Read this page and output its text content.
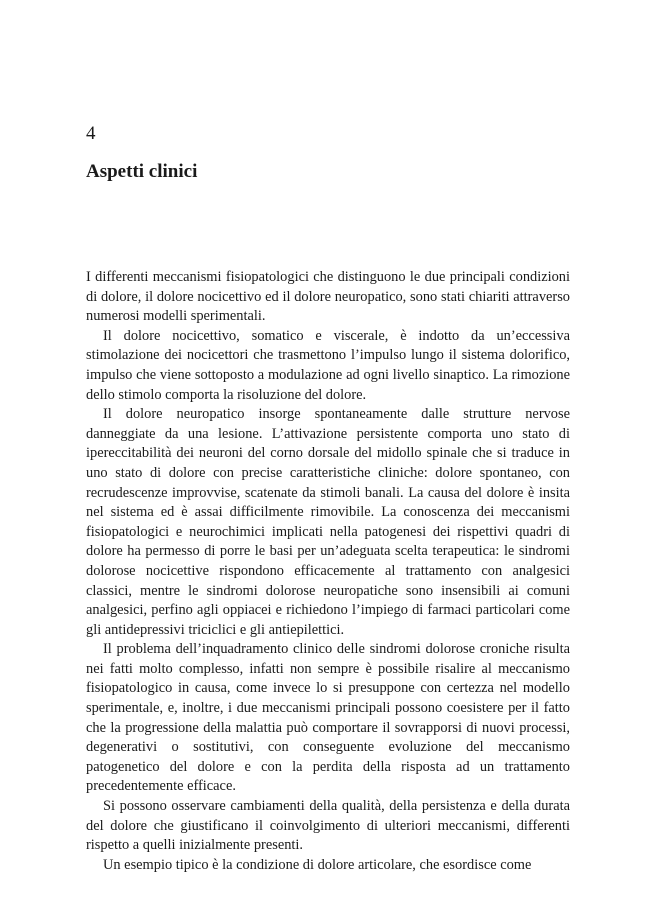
4
Aspetti clinici

I differenti meccanismi fisiopatologici che distinguono le due principali condizioni di dolore, il dolore nocicettivo ed il dolore neuropatico, sono stati chiariti attraverso numerosi modelli sperimentali.

Il dolore nocicettivo, somatico e viscerale, è indotto da un’eccessiva stimolazione dei nocicettori che trasmettono l’impulso lungo il sistema dolorifico, impulso che viene sottoposto a modulazione ad ogni livello sinaptico. La rimozione dello stimolo comporta la risoluzione del dolore.

Il dolore neuropatico insorge spontaneamente dalle strutture nervose danneggiate da una lesione. L’attivazione persistente comporta uno stato di ipereccitabilità dei neuroni del corno dorsale del midollo spinale che si traduce in uno stato di dolore con precise caratteristiche cliniche: dolore spontaneo, con recrudescenze improvvise, scatenate da stimoli banali. La causa del dolore è insita nel sistema ed è assai difficilmente rimovibile. La conoscenza dei meccanismi fisiopatologici e neurochimici implicati nella patogenesi dei rispettivi quadri di dolore ha permesso di porre le basi per un’adeguata scelta terapeutica: le sindromi dolorose nocicettive rispondono efficacemente al trattamento con analgesici classici, mentre le sindromi dolorose neuropatiche sono insensibili ai comuni analgesici, perfino agli oppiacei e richiedono l’impiego di farmaci particolari come gli antidepressivi triciclici e gli antiepilettici.

Il problema dell’inquadramento clinico delle sindromi dolorose croniche risulta nei fatti molto complesso, infatti non sempre è possibile risalire al meccanismo fisiopatologico in causa, come invece lo si presuppone con certezza nel modello sperimentale, e, inoltre, i due meccanismi principali possono coesistere per il fatto che la progressione della malattia può comportare il sovrapporsi di nuovi processi, degenerativi o sostitutivi, con conseguente evoluzione del meccanismo patogenetico del dolore e con la perdita della risposta ad un trattamento precedentemente efficace.

Si possono osservare cambiamenti della qualità, della persistenza e della durata del dolore che giustificano il coinvolgimento di ulteriori meccanismi, differenti rispetto a quelli inizialmente presenti.

Un esempio tipico è la condizione di dolore articolare, che esordisce come
